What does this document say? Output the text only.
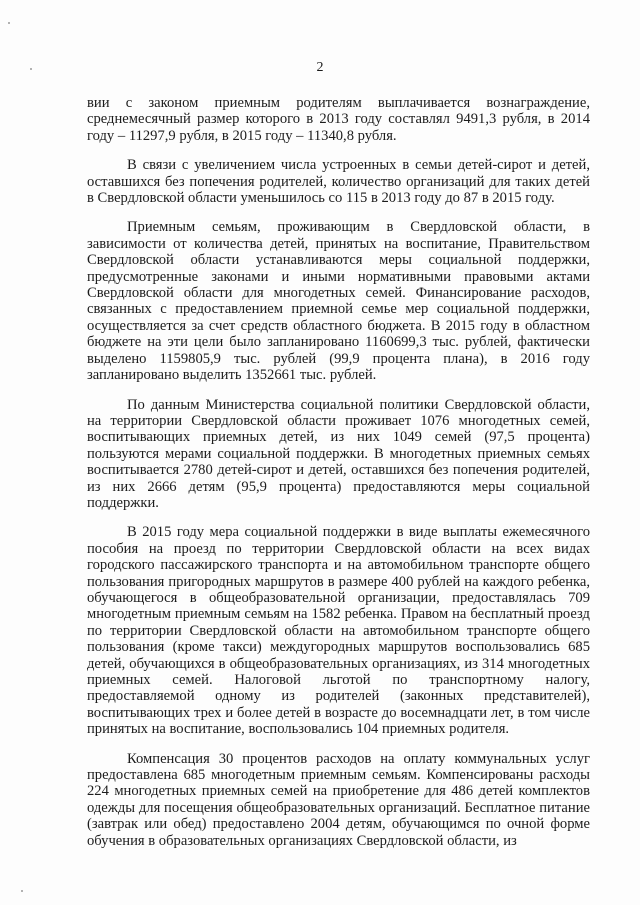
2

вии с законом приемным родителям выплачивается вознаграждение, среднемесячный размер которого в 2013 году составлял 9491,3 рубля, в 2014 году – 11297,9 рубля, в 2015 году – 11340,8 рубля.

В связи с увеличением числа устроенных в семьи детей-сирот и детей, оставшихся без попечения родителей, количество организаций для таких детей в Свердловской области уменьшилось со 115 в 2013 году до 87 в 2015 году.

Приемным семьям, проживающим в Свердловской области, в зависимости от количества детей, принятых на воспитание, Правительством Свердловской области устанавливаются меры социальной поддержки, предусмотренные законами и иными нормативными правовыми актами Свердловской области для многодетных семей. Финансирование расходов, связанных с предоставлением приемной семье мер социальной поддержки, осуществляется за счет средств областного бюджета. В 2015 году в областном бюджете на эти цели было запланировано 1160699,3 тыс. рублей, фактически выделено 1159805,9 тыс. рублей (99,9 процента плана), в 2016 году запланировано выделить 1352661 тыс. рублей.

По данным Министерства социальной политики Свердловской области, на территории Свердловской области проживает 1076 многодетных семей, воспитывающих приемных детей, из них 1049 семей (97,5 процента) пользуются мерами социальной поддержки. В многодетных приемных семьях воспитывается 2780 детей-сирот и детей, оставшихся без попечения родителей, из них 2666 детям (95,9 процента) предоставляются меры социальной поддержки.

В 2015 году мера социальной поддержки в виде выплаты ежемесячного пособия на проезд по территории Свердловской области на всех видах городского пассажирского транспорта и на автомобильном транспорте общего пользования пригородных маршрутов в размере 400 рублей на каждого ребенка, обучающегося в общеобразовательной организации, предоставлялась 709 многодетным приемным семьям на 1582 ребенка. Правом на бесплатный проезд по территории Свердловской области на автомобильном транспорте общего пользования (кроме такси) междугородных маршрутов воспользовались 685 детей, обучающихся в общеобразовательных организациях, из 314 многодетных приемных семей. Налоговой льготой по транспортному налогу, предоставляемой одному из родителей (законных представителей), воспитывающих трех и более детей в возрасте до восемнадцати лет, в том числе принятых на воспитание, воспользовались 104 приемных родителя.

Компенсация 30 процентов расходов на оплату коммунальных услуг предоставлена 685 многодетным приемным семьям. Компенсированы расходы 224 многодетных приемных семей на приобретение для 486 детей комплектов одежды для посещения общеобразовательных организаций. Бесплатное питание (завтрак или обед) предоставлено 2004 детям, обучающимся по очной форме обучения в образовательных организациях Свердловской области, из
